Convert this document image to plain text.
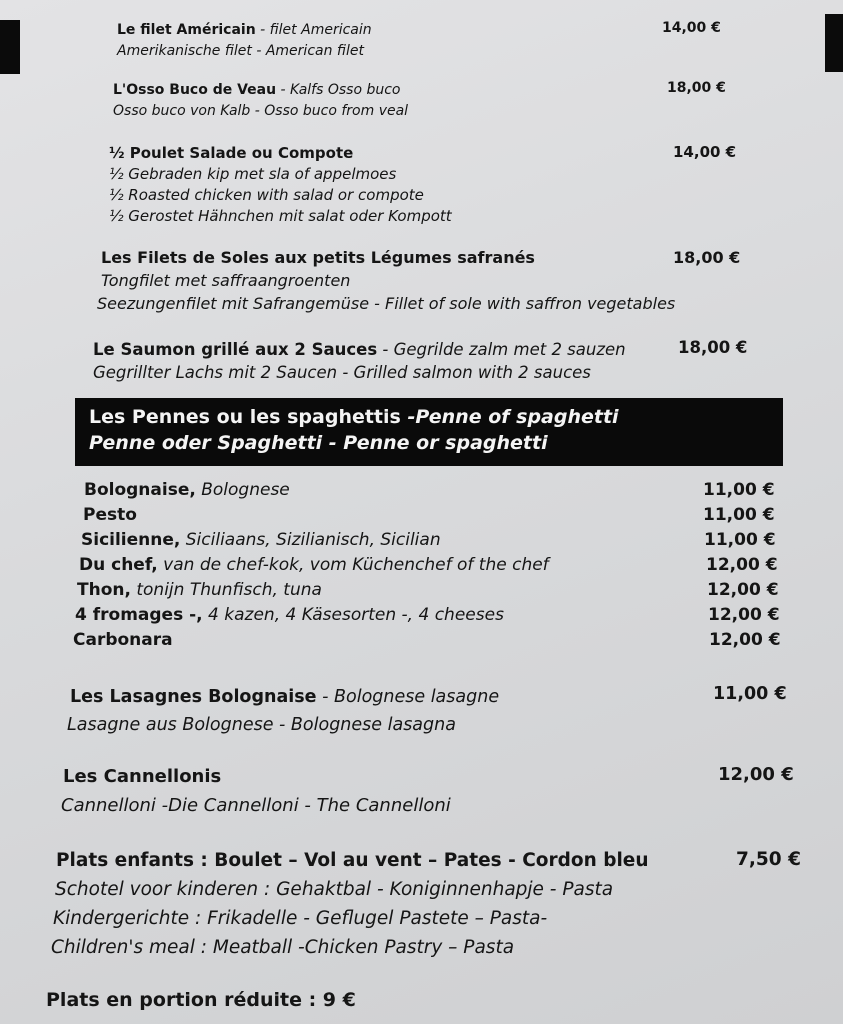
Le filet Américain - filet Americain
Amerikanische filet - American filet
14,00 €
L'Osso Buco de Veau - Kalfs Osso buco
Osso buco von Kalb - Osso buco from veal
18,00 €
½ Poulet Salade ou Compote
½ Gebraden kip met sla of appelmoes
½ Roasted chicken with salad or compote
½ Gerostet Hähnchen mit salat oder Kompott
14,00 €
Les Filets de Soles aux petits Légumes safranés
Tongfilet met saffraangroenten
Seezungenfilet mit Safrangemüse - Fillet of sole with saffron vegetables
18,00 €
Le Saumon grillé aux 2 Sauces - Gegrilde zalm met 2 sauzen
Gegrillter Lachs mit 2 Saucen - Grilled salmon with 2 sauces
18,00 €
Les Pennes ou les spaghettis -Penne of spaghetti
Penne oder Spaghetti - Penne or spaghetti
Bolognaise, Bolognese	11,00 €
Pesto	11,00 €
Sicilienne, Siciliaans, Sizilianisch, Sicilian	11,00 €
Du chef, van de chef-kok, vom Küchenchef of the chef	12,00 €
Thon, tonijn Thunfisch, tuna	12,00 €
4 fromages -, 4 kazen, 4 Käsesorten -, 4 cheeses	12,00 €
Carbonara	12,00 €
Les Lasagnes Bolognaise - Bolognese lasagne
Lasagne aus Bolognese - Bolognese lasagna
11,00 €
Les Cannellonis
Cannelloni -Die Cannelloni - The Cannelloni
12,00 €
Plats enfants : Boulet – Vol au vent – Pates - Cordon bleu
Schotel voor kinderen : Gehaktbal - Koniginnenhapje - Pasta
Kindergerichte : Frikadelle - Geflugel Pastete – Pasta-
Children's meal : Meatball -Chicken Pastry – Pasta
7,50 €
Plats en portion réduite : 9 €
